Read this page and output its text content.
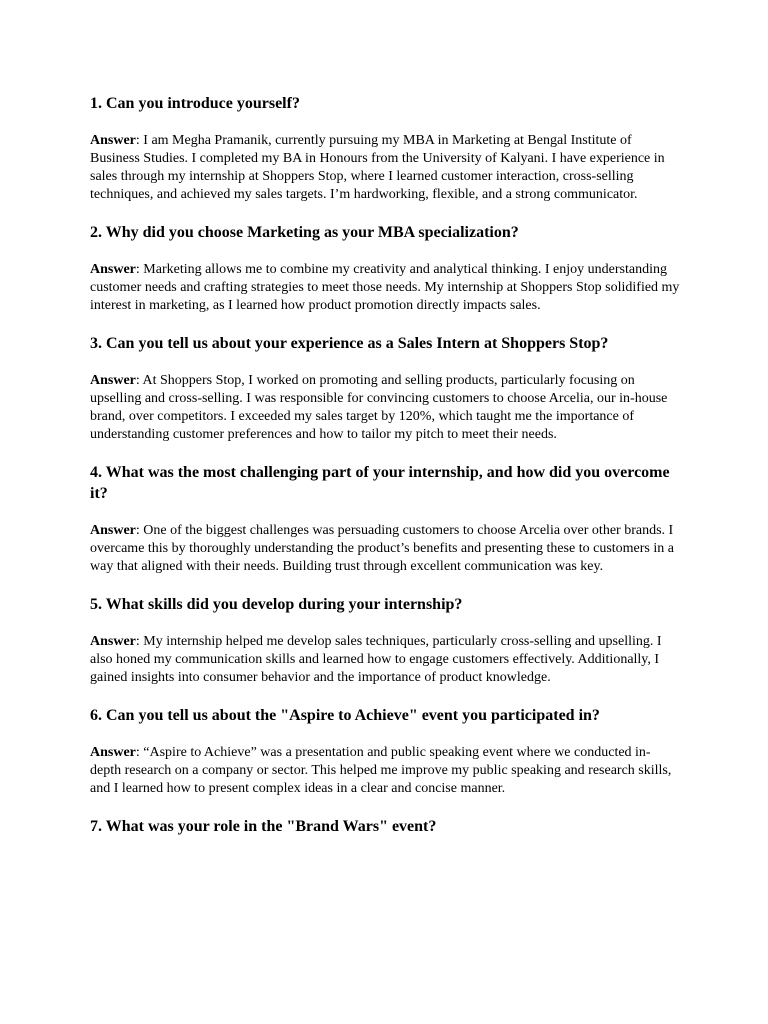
1. Can you introduce yourself?

Answer: I am Megha Pramanik, currently pursuing my MBA in Marketing at Bengal Institute of Business Studies. I completed my BA in Honours from the University of Kalyani. I have experience in sales through my internship at Shoppers Stop, where I learned customer interaction, cross-selling techniques, and achieved my sales targets. I’m hardworking, flexible, and a strong communicator.

2. Why did you choose Marketing as your MBA specialization?

Answer: Marketing allows me to combine my creativity and analytical thinking. I enjoy understanding customer needs and crafting strategies to meet those needs. My internship at Shoppers Stop solidified my interest in marketing, as I learned how product promotion directly impacts sales.

3. Can you tell us about your experience as a Sales Intern at Shoppers Stop?

Answer: At Shoppers Stop, I worked on promoting and selling products, particularly focusing on upselling and cross-selling. I was responsible for convincing customers to choose Arcelia, our in-house brand, over competitors. I exceeded my sales target by 120%, which taught me the importance of understanding customer preferences and how to tailor my pitch to meet their needs.

4. What was the most challenging part of your internship, and how did you overcome it?

Answer: One of the biggest challenges was persuading customers to choose Arcelia over other brands. I overcame this by thoroughly understanding the product’s benefits and presenting these to customers in a way that aligned with their needs. Building trust through excellent communication was key.

5. What skills did you develop during your internship?

Answer: My internship helped me develop sales techniques, particularly cross-selling and upselling. I also honed my communication skills and learned how to engage customers effectively. Additionally, I gained insights into consumer behavior and the importance of product knowledge.

6. Can you tell us about the "Aspire to Achieve" event you participated in?

Answer: “Aspire to Achieve” was a presentation and public speaking event where we conducted in-depth research on a company or sector. This helped me improve my public speaking and research skills, and I learned how to present complex ideas in a clear and concise manner.

7. What was your role in the "Brand Wars" event?
